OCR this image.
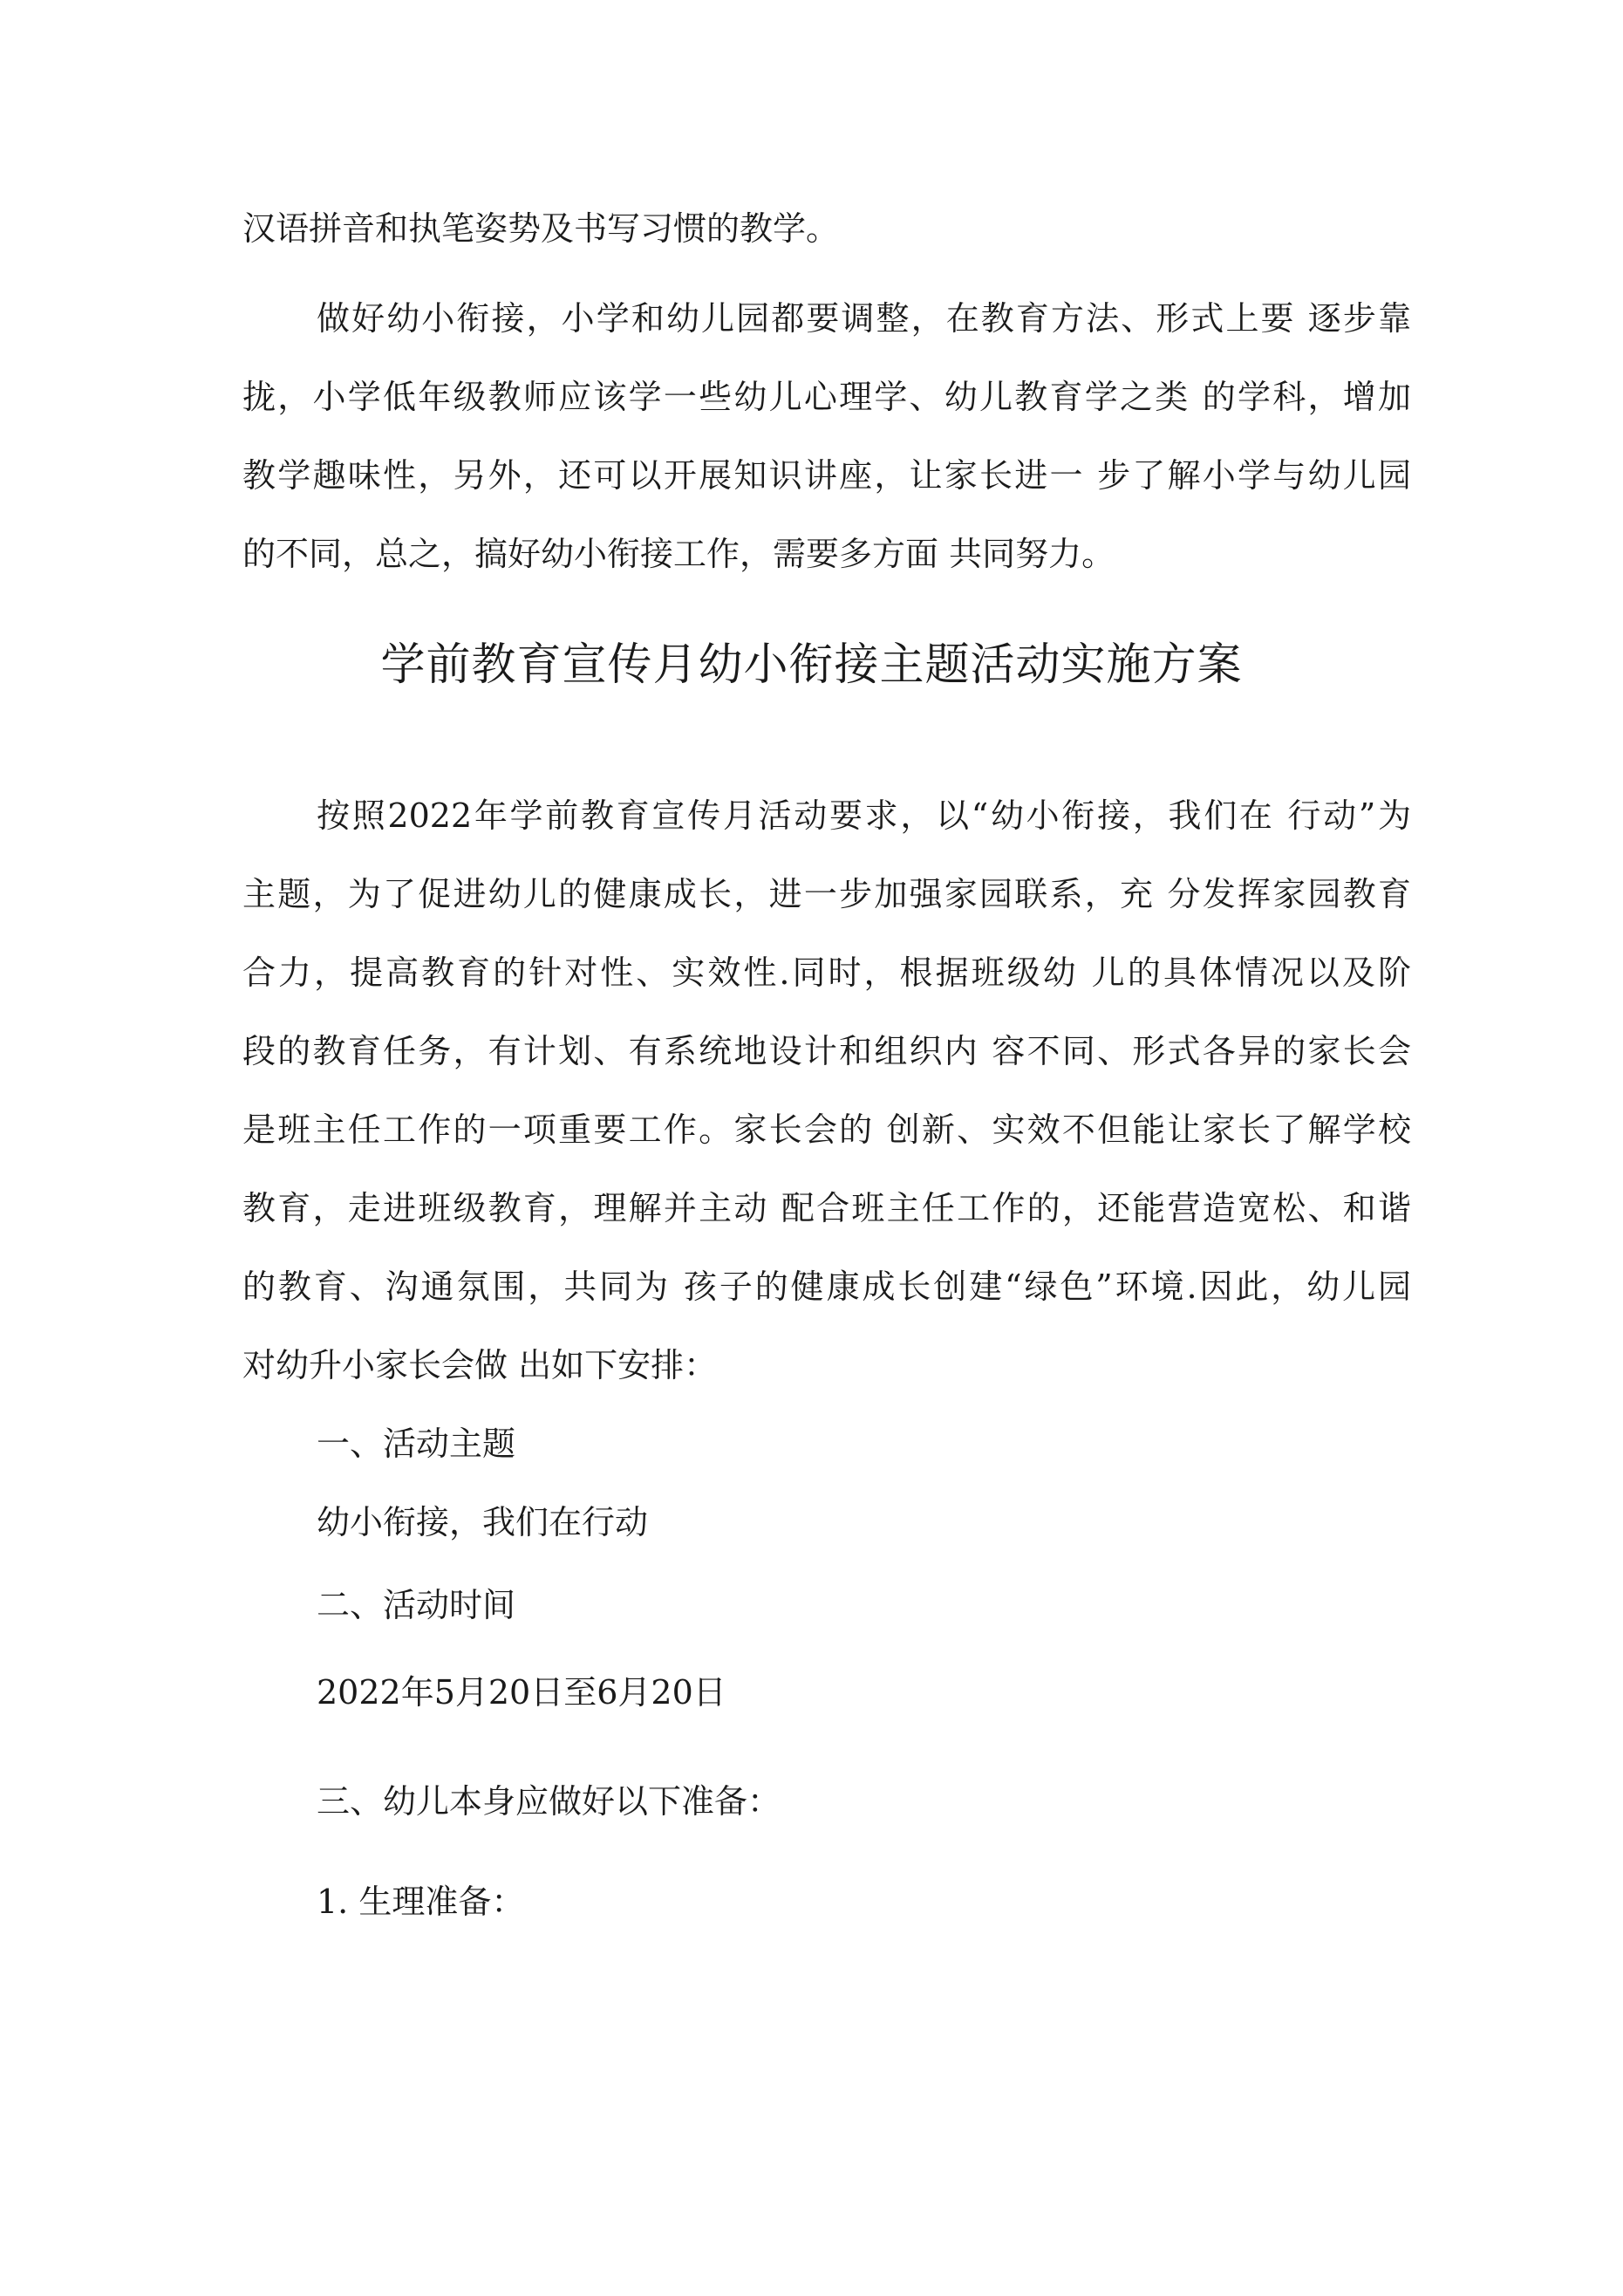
汉语拼音和执笔姿势及书写习惯的教学。
做好幼小衔接，小学和幼儿园都要调整，在教育方法、形式上要 逐步靠
拢，小学低年级教师应该学一些幼儿心理学、幼儿教育学之类 的学科，增加
教学趣味性，另外，还可以开展知识讲座，让家长进一 步了解小学与幼儿园
的不同，总之，搞好幼小衔接工作，需要多方面 共同努力。
学前教育宣传月幼小衔接主题活动实施方案
按照2022年学前教育宣传月活动要求，以“幼小衔接，我们在 行动”为
主题，为了促进幼儿的健康成长，进一步加强家园联系，充 分发挥家园教育
合力，提高教育的针对性、实效性.同时，根据班级幼 儿的具体情况以及阶
段的教育任务，有计划、有系统地设计和组织内 容不同、形式各异的家长会
是班主任工作的一项重要工作。家长会的 创新、实效不但能让家长了解学校
教育，走进班级教育，理解并主动 配合班主任工作的，还能营造宽松、和谐
的教育、沟通氛围，共同为 孩子的健康成长创建“绿色”环境.因此，幼儿园
对幼升小家长会做 出如下安排：
一、活动主题
幼小衔接，我们在行动
二、活动时间
2022年5月20日至6月20日
三、幼儿本身应做好以下准备：
1. 生理准备：
